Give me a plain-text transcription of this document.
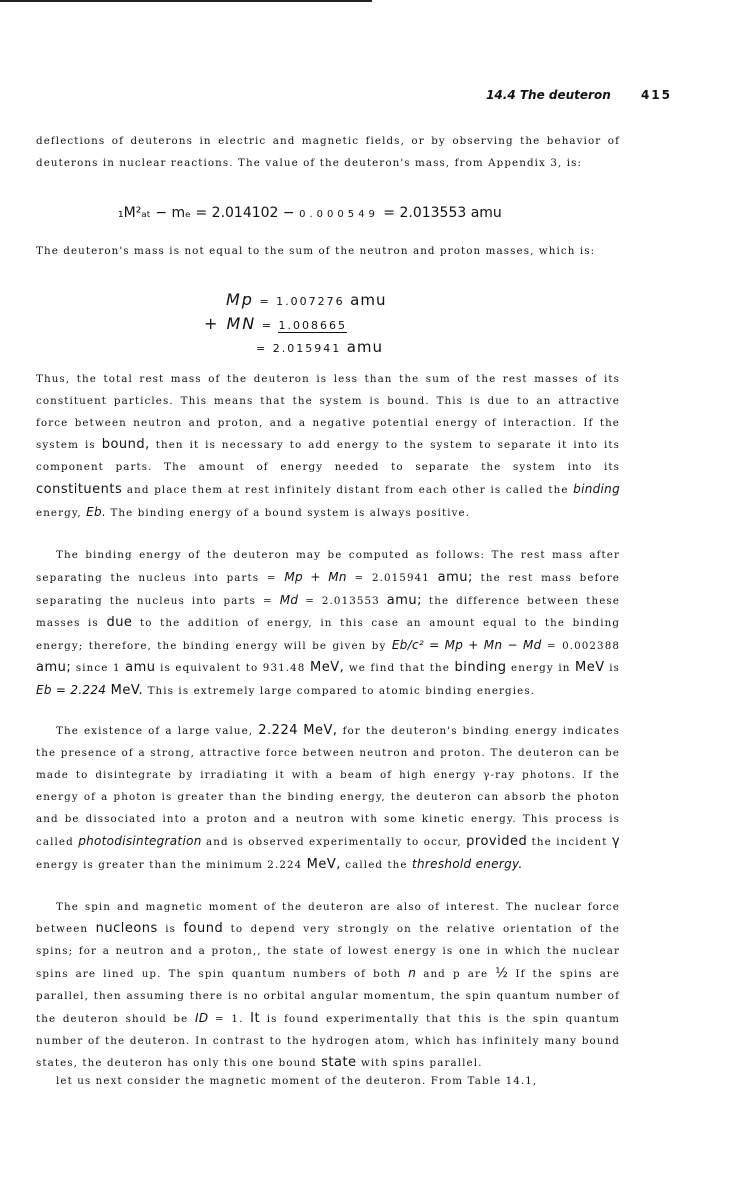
14.4 The deuteron	415

deflections of deuterons in electric and magnetic fields, or by observing the behavior of deuterons in nuclear reactions. The value of the deuteron's mass, from Appendix 3, is:

₁M²ₐₜ − mₑ = 2.014102 − 0.000549 = 2.013553 amu

The deuteron's mass is not equal to the sum of the neutron and proton masses, which is:

Mp = 1.007276 amu
+ MN = 1.008665
= 2.015941 amu

Thus, the total rest mass of the deuteron is less than the sum of the rest masses of its constituent particles. This means that the system is bound. This is due to an attractive force between neutron and proton, and a negative potential energy of interaction. If the system is bound, then it is necessary to add energy to the system to separate it into its component parts. The amount of energy needed to separate the system into its constituents and place them at rest infinitely distant from each other is called the binding energy, Eb. The binding energy of a bound system is always positive.

The binding energy of the deuteron may be computed as follows: The rest mass after separating the nucleus into parts = Mp + Mn = 2.015941 amu; the rest mass before separating the nucleus into parts = Md = 2.013553 amu; the difference between these masses is due to the addition of energy, in this case an amount equal to the binding energy; therefore, the binding energy will be given by Eb/c² = Mp + Mn − Md = 0.002388 amu; since 1 amu is equivalent to 931.48 MeV, we find that the binding energy in MeV is Eb = 2.224 MeV. This is extremely large compared to atomic binding energies.

The existence of a large value, 2.224 MeV, for the deuteron's binding energy indicates the presence of a strong, attractive force between neutron and proton. The deuteron can be made to disintegrate by irradiating it with a beam of high energy γ-ray photons. If the energy of a photon is greater than the binding energy, the deuteron can absorb the photon and be dissociated into a proton and a neutron with some kinetic energy. This process is called photodisintegration and is observed experimentally to occur, provided the incident γ energy is greater than the minimum 2.224 MeV, called the threshold energy.

The spin and magnetic moment of the deuteron are also of interest. The nuclear force between nucleons is found to depend very strongly on the relative orientation of the spins; for a neutron and a proton,, the state of lowest energy is one in which the nuclear spins are lined up. The spin quantum numbers of both n and p are ½ If the spins are parallel, then assuming there is no orbital angular momentum, the spin quantum number of the deuteron should be ID = 1. It is found experimentally that this is the spin quantum number of the deuteron. In contrast to the hydrogen atom, which has infinitely many bound states, the deuteron has only this one bound state with spins parallel.

let us next consider the magnetic moment of the deuteron. From Table 14.1,
